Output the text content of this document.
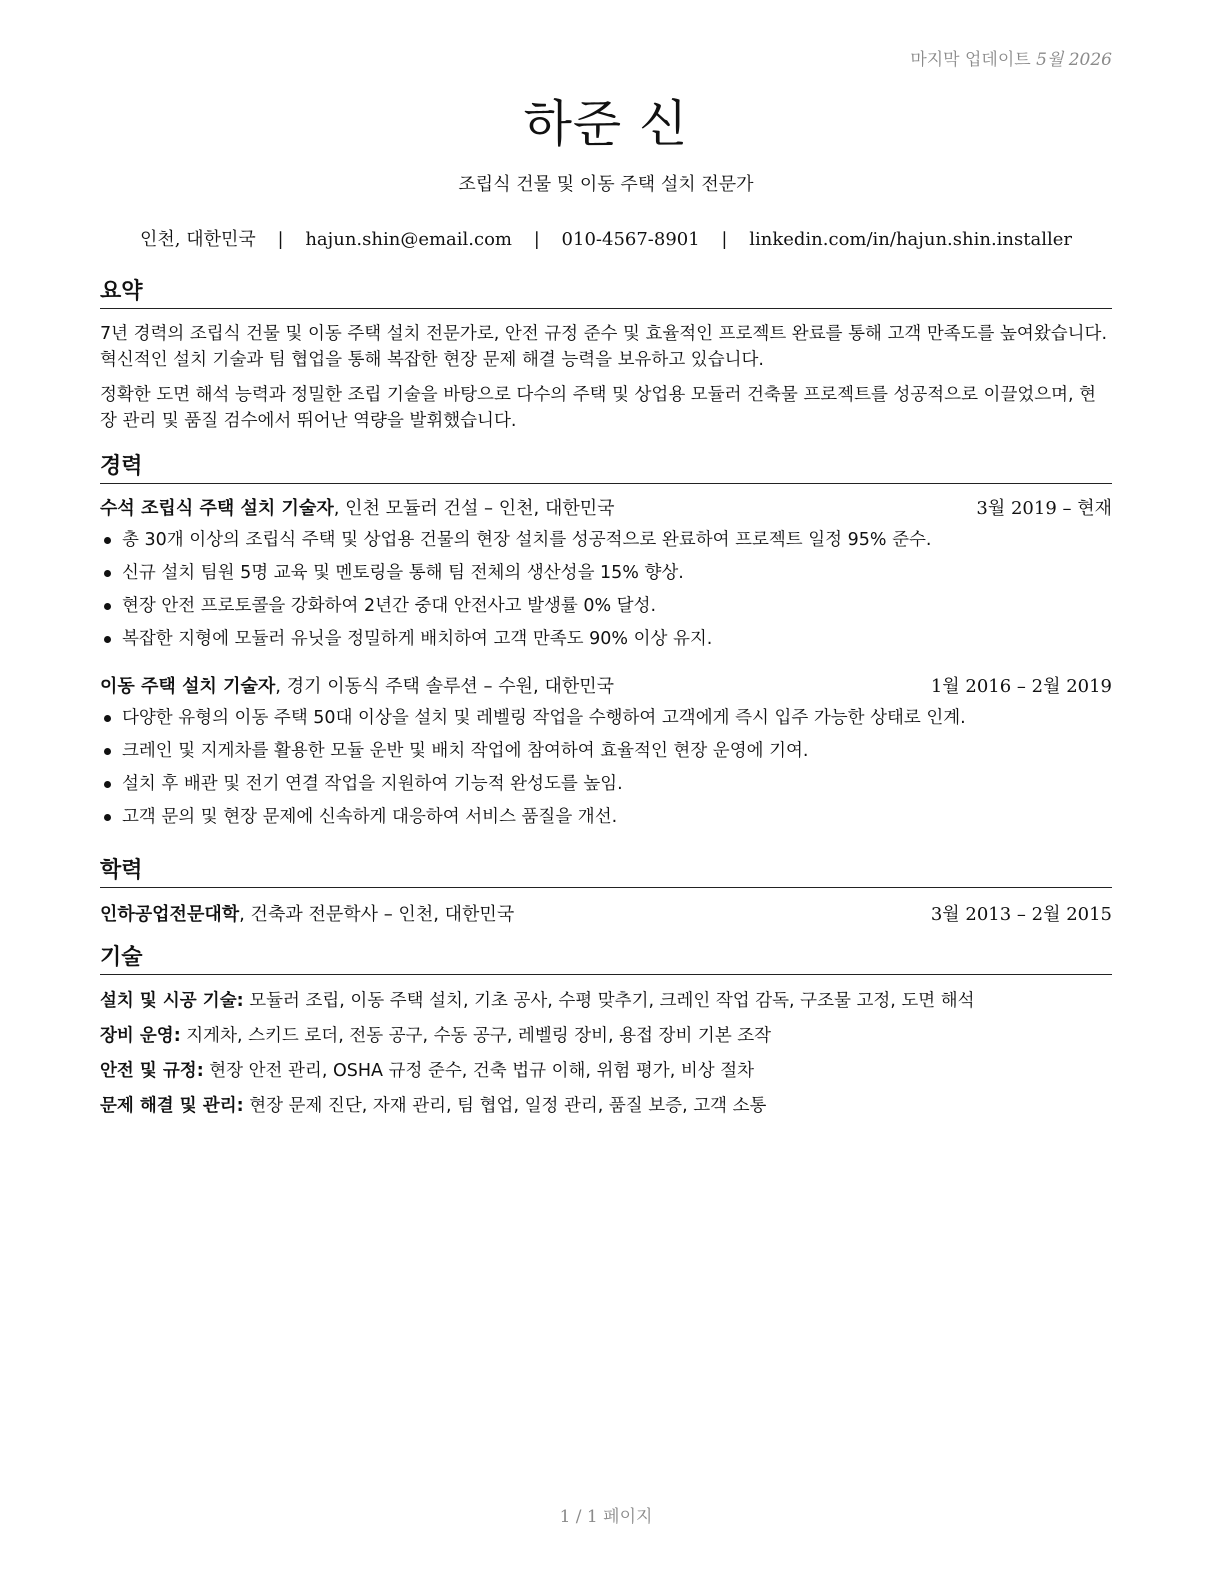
마지막 업데이트 5월 2026
하준 신
조립식 건물 및 이동 주택 설치 전문가
인천, 대한민국 | hajun.shin@email.com | 010-4567-8901 | linkedin.com/in/hajun.shin.installer
요약

7년 경력의 조립식 건물 및 이동 주택 설치 전문가로, 안전 규정 준수 및 효율적인 프로젝트 완료를 통해 고객 만족도를 높여왔습니다. 혁신적인 설치 기술과 팀 협업을 통해 복잡한 현장 문제 해결 능력을 보유하고 있습니다.

정확한 도면 해석 능력과 정밀한 조립 기술을 바탕으로 다수의 주택 및 상업용 모듈러 건축물 프로젝트를 성공적으로 이끌었으며, 현장 관리 및 품질 검수에서 뛰어난 역량을 발휘했습니다.

경력
수석 조립식 주택 설치 기술자, 인천 모듈러 건설 – 인천, 대한민국	3월 2019 – 현재
총 30개 이상의 조립식 주택 및 상업용 건물의 현장 설치를 성공적으로 완료하여 프로젝트 일정 95% 준수.
신규 설치 팀원 5명 교육 및 멘토링을 통해 팀 전체의 생산성을 15% 향상.
현장 안전 프로토콜을 강화하여 2년간 중대 안전사고 발생률 0% 달성.
복잡한 지형에 모듈러 유닛을 정밀하게 배치하여 고객 만족도 90% 이상 유지.
이동 주택 설치 기술자, 경기 이동식 주택 솔루션 – 수원, 대한민국	1월 2016 – 2월 2019
다양한 유형의 이동 주택 50대 이상을 설치 및 레벨링 작업을 수행하여 고객에게 즉시 입주 가능한 상태로 인계.
크레인 및 지게차를 활용한 모듈 운반 및 배치 작업에 참여하여 효율적인 현장 운영에 기여.
설치 후 배관 및 전기 연결 작업을 지원하여 기능적 완성도를 높임.
고객 문의 및 현장 문제에 신속하게 대응하여 서비스 품질을 개선.
학력
인하공업전문대학, 건축과 전문학사 – 인천, 대한민국	3월 2013 – 2월 2015
기술
설치 및 시공 기술: 모듈러 조립, 이동 주택 설치, 기초 공사, 수평 맞추기, 크레인 작업 감독, 구조물 고정, 도면 해석
장비 운영: 지게차, 스키드 로더, 전동 공구, 수동 공구, 레벨링 장비, 용접 장비 기본 조작
안전 및 규정: 현장 안전 관리, OSHA 규정 준수, 건축 법규 이해, 위험 평가, 비상 절차
문제 해결 및 관리: 현장 문제 진단, 자재 관리, 팀 협업, 일정 관리, 품질 보증, 고객 소통
1 / 1 페이지
